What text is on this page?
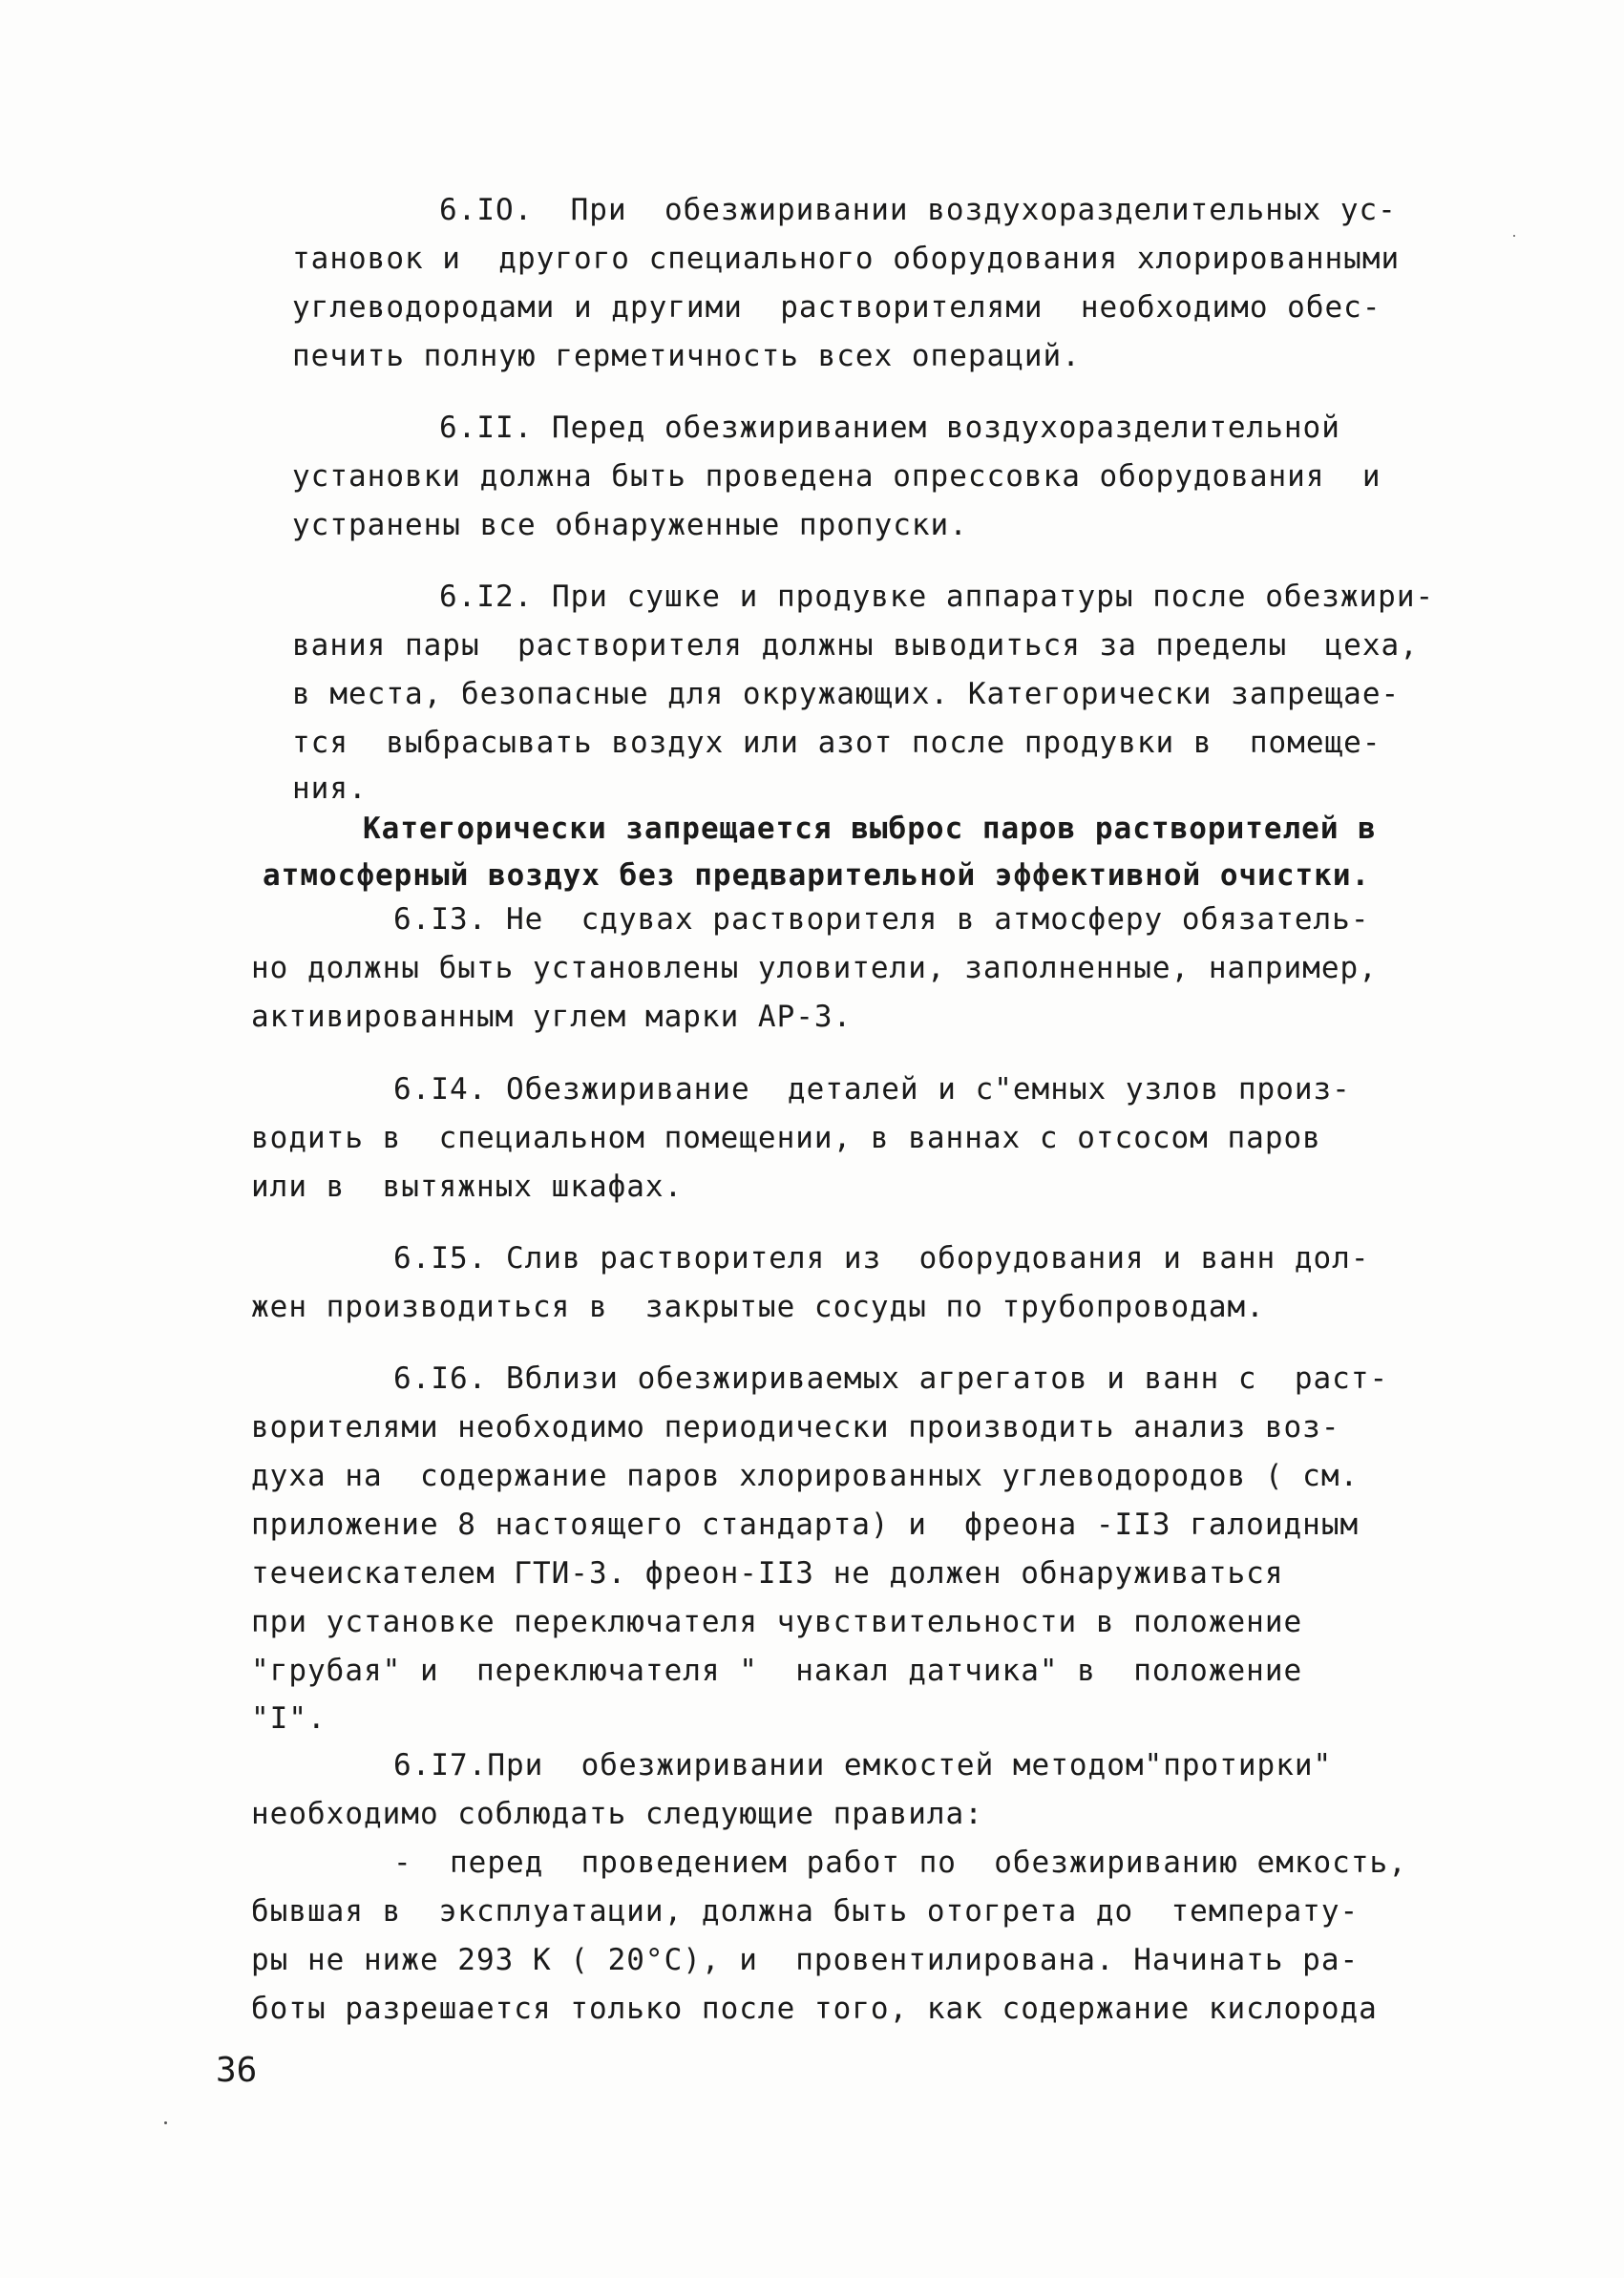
6.IO.  При  обезжиривании воздухоразделительных ус-
тановок и  другого специального оборудования хлорированными
углеводородами и другими  растворителями  необходимо обес-
печить полную герметичность всех операций.
6.II. Перед обезжириванием воздухоразделительной
установки должна быть проведена опрессовка оборудования  и
устранены все обнаруженные пропуски.
6.I2. При сушке и продувке аппаратуры после обезжири-
вания пары  растворителя должны выводиться за пределы  цеха,
в места, безопасные для окружающих. Категорически запрещае-
тся  выбрасывать воздух или азот после продувки в  помеще-
ния.
Категорически запрещается выброс паров растворителей в
атмосферный воздух без предварительной эффективной очистки.
6.I3. Не  сдувах растворителя в атмосферу обязатель-
но должны быть установлены уловители, заполненные, например,
активированным углем марки АР-3.
6.I4. Обезжиривание  деталей и с"емных узлов произ-
водить в  специальном помещении, в ваннах с отсосом паров
или в  вытяжных шкафах.
6.I5. Слив растворителя из  оборудования и ванн дол-
жен производиться в  закрытые сосуды по трубопроводам.
6.I6. Вблизи обезжириваемых агрегатов и ванн с  раст-
ворителями необходимо периодически производить анализ воз-
духа на  содержание паров хлорированных углеводородов ( см.
приложение 8 настоящего стандарта) и  фреона -II3 галоидным
течеискателем ГТИ-3. фреон-II3 не должен обнаруживаться
при установке переключателя чувствительности в положение
"грубая" и  переключателя "  накал датчика" в  положение
"I".
6.I7.При  обезжиривании емкостей методом"протирки"
необходимо соблюдать следующие правила:
-  перед  проведением работ по  обезжириванию емкость,
бывшая в  эксплуатации, должна быть отогрета до  температу-
ры не ниже 293 К ( 20°С), и  провентилирована. Начинать ра-
боты разрешается только после того, как содержание кислорода
36
